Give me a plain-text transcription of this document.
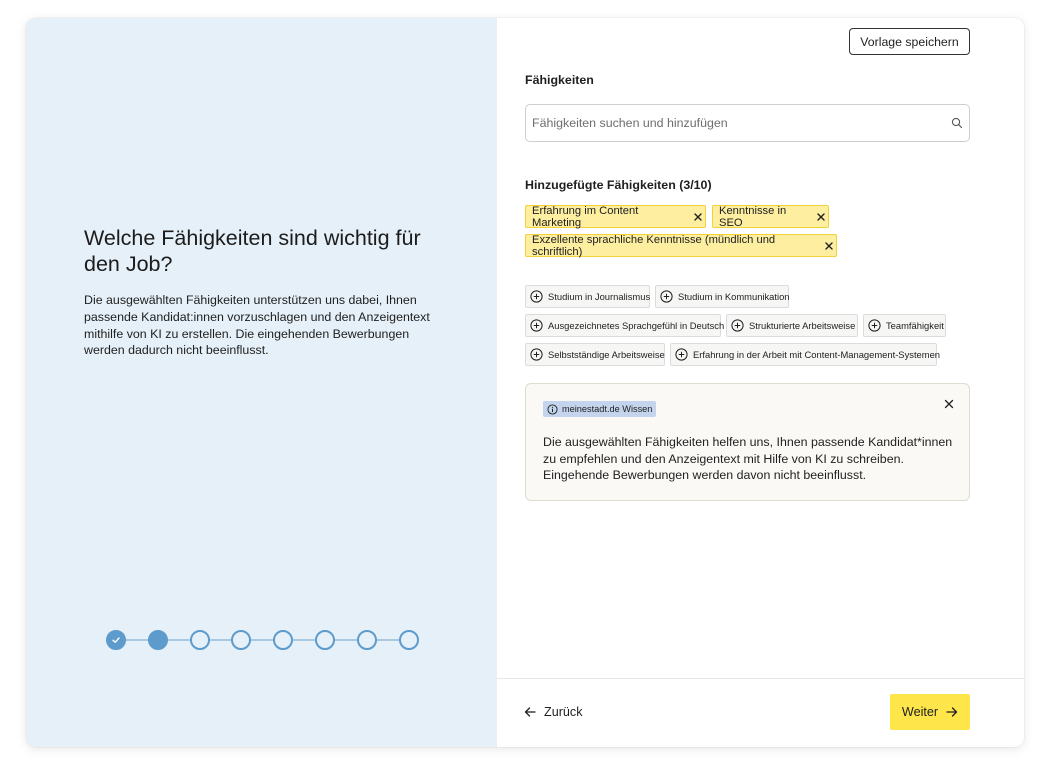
Welche Fähigkeiten sind wichtig für den Job?

Die ausgewählten Fähigkeiten unterstützen uns dabei, Ihnen passende Kandidat:innen vorzuschlagen und den Anzeigentext mithilfe von KI zu erstellen. Die eingehenden Bewerbungen werden dadurch nicht beeinflusst.

Vorlage speichern
Fähigkeiten
Fähigkeiten suchen und hinzufügen
Hinzugefügte Fähigkeiten (3/10)
Erfahrung im Content Marketing
Kenntnisse in SEO
Exzellente sprachliche Kenntnisse (mündlich und schriftlich)
Studium in Journalismus	Studium in Kommunikation
Ausgezeichnetes Sprachgefühl in Deutsch	Strukturierte Arbeitsweise	Teamfähigkeit
Selbstständige Arbeitsweise	Erfahrung in der Arbeit mit Content-Management-Systemen
meinestadt.de Wissen
Die ausgewählten Fähigkeiten helfen uns, Ihnen passende Kandidat*innen zu empfehlen und den Anzeigentext mit Hilfe von KI zu schreiben. Eingehende Bewerbungen werden davon nicht beeinflusst.
Zurück	Weiter
